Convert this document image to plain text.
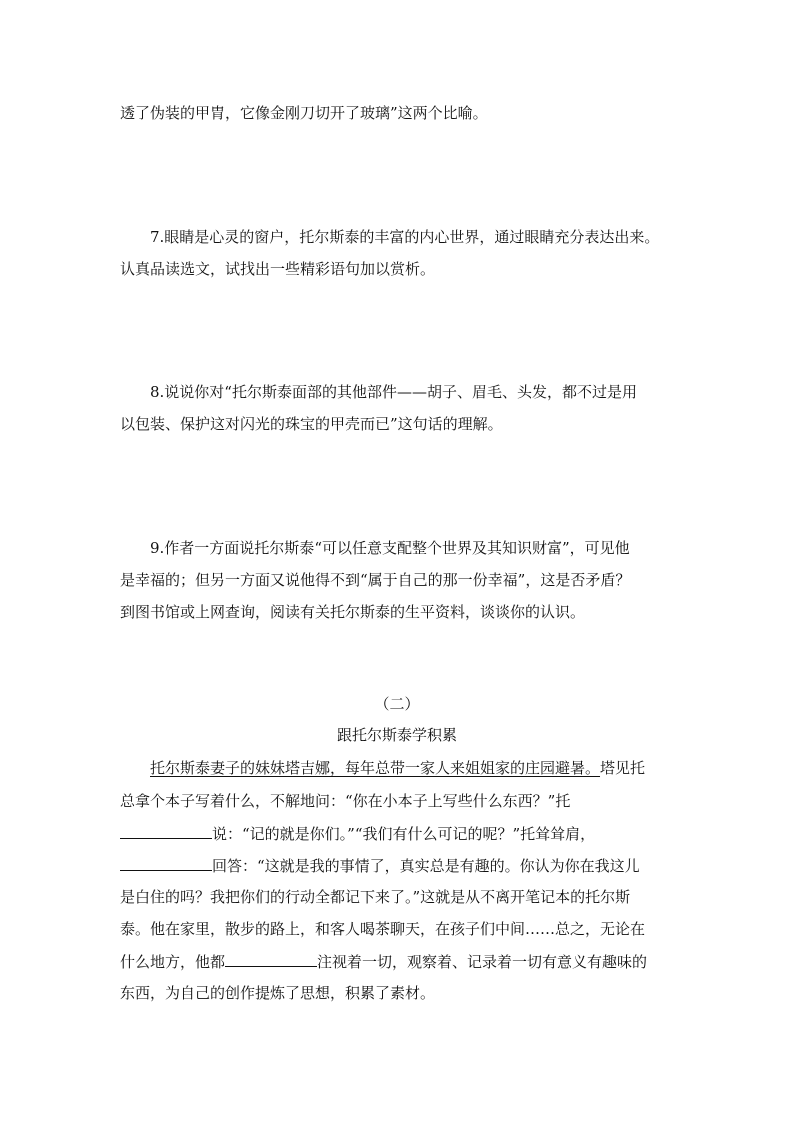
透了伪装的甲胄，它像金刚刀切开了玻璃”这两个比喻。
7.眼睛是心灵的窗户，托尔斯泰的丰富的内心世界，通过眼睛充分表达出来。
认真品读选文，试找出一些精彩语句加以赏析。
8.说说你对“托尔斯泰面部的其他部件——胡子、眉毛、头发，都不过是用
以包装、保护这对闪光的珠宝的甲壳而已”这句话的理解。
9.作者一方面说托尔斯泰“可以任意支配整个世界及其知识财富”，可见他
是幸福的；但另一方面又说他得不到“属于自己的那一份幸福”，这是否矛盾？
到图书馆或上网查询，阅读有关托尔斯泰的生平资料，谈谈你的认识。
（二）
跟托尔斯泰学积累
托尔斯泰妻子的妹妹塔吉娜，每年总带一家人来姐姐家的庄园避暑。塔见托
总拿个本子写着什么，不解地问：“你在小本子上写些什么东西？”托
说：“记的就是你们。”“我们有什么可记的呢？”托耸耸肩，
回答：“这就是我的事情了，真实总是有趣的。你认为你在我这儿
是白住的吗？我把你们的行动全都记下来了。”这就是从不离开笔记本的托尔斯
泰。他在家里，散步的路上，和客人喝茶聊天，在孩子们中间……总之，无论在
什么地方，他都	注视着一切，观察着、记录着一切有意义有趣味的
东西，为自己的创作提炼了思想，积累了素材。
